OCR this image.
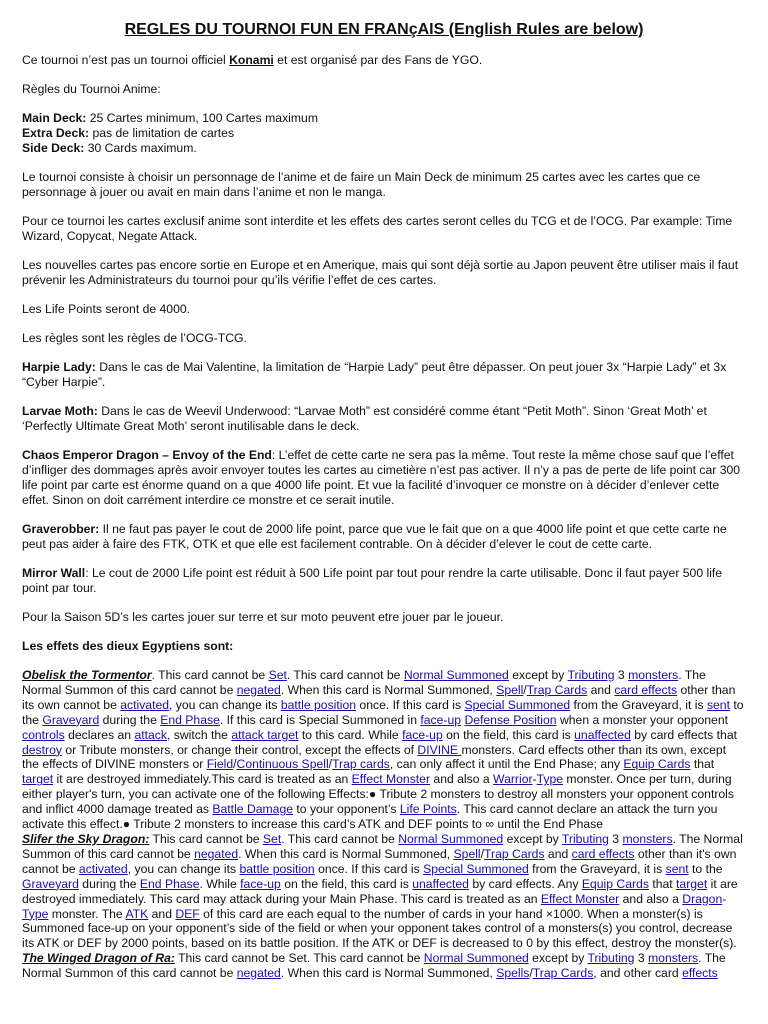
REGLES DU TOURNOI FUN EN FRANçAIS (English Rules are below)

Ce tournoi n’est pas un tournoi officiel Konami et est organisé par des Fans de YGO.

Règles du Tournoi Anime:

Main Deck: 25 Cartes minimum, 100 Cartes maximum
Extra Deck: pas de limitation de cartes
Side Deck: 30 Cards maximum.

Le tournoi consiste à choisir un personnage de l’anime et de faire un Main Deck de minimum 25 cartes avec les cartes que ce personnage à jouer ou avait en main dans l’anime et non le manga.

Pour ce tournoi les cartes exclusif anime sont interdite et les effets des cartes seront celles du TCG et de l’OCG. Par example: Time Wizard, Copycat, Negate Attack.

Les nouvelles cartes pas encore sortie en Europe et en Amerique, mais qui sont déjà sortie au Japon peuvent être utiliser mais il faut prévenir les Administrateurs du tournoi pour qu’ils vérifie l’effet de ces cartes.

Les Life Points seront de 4000.

Les règles sont les règles de l’OCG-TCG.

Harpie Lady: Dans le cas de Mai Valentine, la limitation de “Harpie Lady” peut être dépasser. On peut jouer 3x “Harpie Lady” et 3x “Cyber Harpie”.

Larvae Moth: Dans le cas de Weevil Underwood: “Larvae Moth” est considéré comme étant “Petit Moth”. Sinon ‘Great Moth’ et ‘Perfectly Ultimate Great Moth’ seront inutilisable dans le deck.

Chaos Emperor Dragon – Envoy of the End: L’effet de cette carte ne sera pas la même. Tout reste la même chose sauf que l’effet d’infliger des dommages après avoir envoyer toutes les cartes au cimetière n’est pas activer. Il n’y a pas de perte de life point car 300 life point par carte est énorme quand on a que 4000 life point. Et vue la facilité d’invoquer ce monstre on à décider d’enlever cette effet. Sinon on doit carrément interdire ce monstre et ce serait inutile.

Graverobber: Il ne faut pas payer le cout de 2000 life point, parce que vue le fait que on a que 4000 life point et que cette carte ne peut pas aider à faire des FTK, OTK et que elle est facilement contrable. On à décider d’elever le cout de cette carte.

Mirror Wall: Le cout de 2000 Life point est réduit à 500 Life point par tout pour rendre la carte utilisable. Donc il faut payer 500 life point par tour.

Pour la Saison 5D’s les cartes jouer sur terre et sur moto peuvent etre jouer par le joueur.

Les effets des dieux Egyptiens sont:

Obelisk the Tormentor. This card cannot be Set. This card cannot be Normal Summoned except by Tributing 3 monsters. The Normal Summon of this card cannot be negated. When this card is Normal Summoned, Spell/Trap Cards and card effects other than its own cannot be activated, you can change its battle position once. If this card is Special Summoned from the Graveyard, it is sent to the Graveyard during the End Phase. If this card is Special Summoned in face-up Defense Position when a monster your opponent controls declares an attack, switch the attack target to this card. While face-up on the field, this card is unaffected by card effects that destroy or Tribute monsters, or change their control, except the effects of DIVINE monsters. Card effects other than its own, except the effects of DIVINE monsters or Field/Continuous Spell/Trap cards, can only affect it until the End Phase; any Equip Cards that target it are destroyed immediately.This card is treated as an Effect Monster and also a Warrior-Type monster. Once per turn, during either player's turn, you can activate one of the following Effects:● Tribute 2 monsters to destroy all monsters your opponent controls and inflict 4000 damage treated as Battle Damage to your opponent’s Life Points. This card cannot declare an attack the turn you activate this effect.● Tribute 2 monsters to increase this card’s ATK and DEF points to ∞ until the End Phase
Slifer the Sky Dragon: This card cannot be Set. This card cannot be Normal Summoned except by Tributing 3 monsters. The Normal Summon of this card cannot be negated. When this card is Normal Summoned, Spell/Trap Cards and card effects other than it's own cannot be activated, you can change its battle position once. If this card is Special Summoned from the Graveyard, it is sent to the Graveyard during the End Phase. While face-up on the field, this card is unaffected by card effects. Any Equip Cards that target it are destroyed immediately. This card may attack during your Main Phase. This card is treated as an Effect Monster and also a Dragon-Type monster. The ATK and DEF of this card are each equal to the number of cards in your hand ×1000. When a monster(s) is Summoned face-up on your opponent’s side of the field or when your opponent takes control of a monsters(s) you control, decrease its ATK or DEF by 2000 points, based on its battle position. If the ATK or DEF is decreased to 0 by this effect, destroy the monster(s).
The Winged Dragon of Ra: This card cannot be Set. This card cannot be Normal Summoned except by Tributing 3 monsters. The Normal Summon of this card cannot be negated. When this card is Normal Summoned, Spells/Trap Cards, and other card effects
